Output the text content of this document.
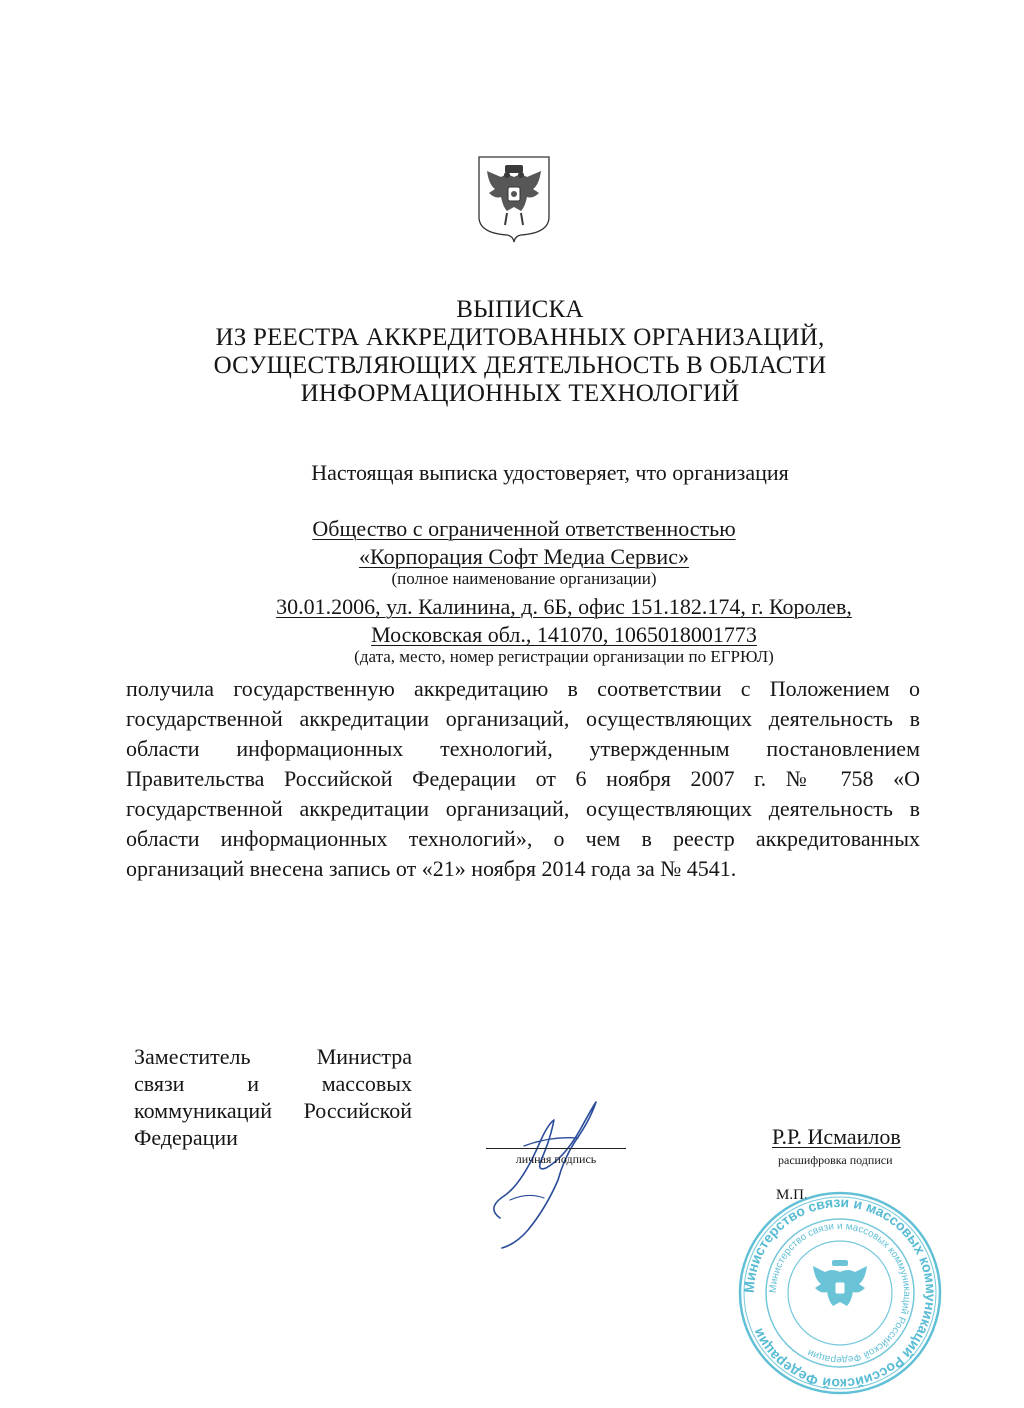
ВЫПИСКА
ИЗ РЕЕСТРА АККРЕДИТОВАННЫХ ОРГАНИЗАЦИЙ,
ОСУЩЕСТВЛЯЮЩИХ ДЕЯТЕЛЬНОСТЬ В ОБЛАСТИ
ИНФОРМАЦИОННЫХ ТЕХНОЛОГИЙ
Настоящая выписка удостоверяет, что организация
Общество с ограниченной ответственностью
«Корпорация Софт Медиа Сервис»
(полное наименование организации)
30.01.2006, ул. Калинина, д. 6Б, офис 151.182.174, г. Королев,
Московская обл., 141070, 1065018001773
(дата, место, номер регистрации организации по ЕГРЮЛ)
получила государственную аккредитацию в соответствии с Положением о государственной аккредитации организаций, осуществляющих деятельность в области информационных технологий, утвержденным постановлением Правительства Российской Федерации от 6 ноября 2007 г. № 758 «О государственной аккредитации организаций, осуществляющих деятельность в области информационных технологий», о чем в реестр аккредитованных организаций внесена запись от «21» ноября 2014 года за № 4541.
Заместитель Министра
связи и массовых
коммуникаций Российской
Федерации
личная подпись
Р.Р. Исмаилов
расшифровка подписи
М.П.
Министерство связи и массовых коммуникаций Российской Федерации
Министерство связи и массовых коммуникаций Российской Федерации
